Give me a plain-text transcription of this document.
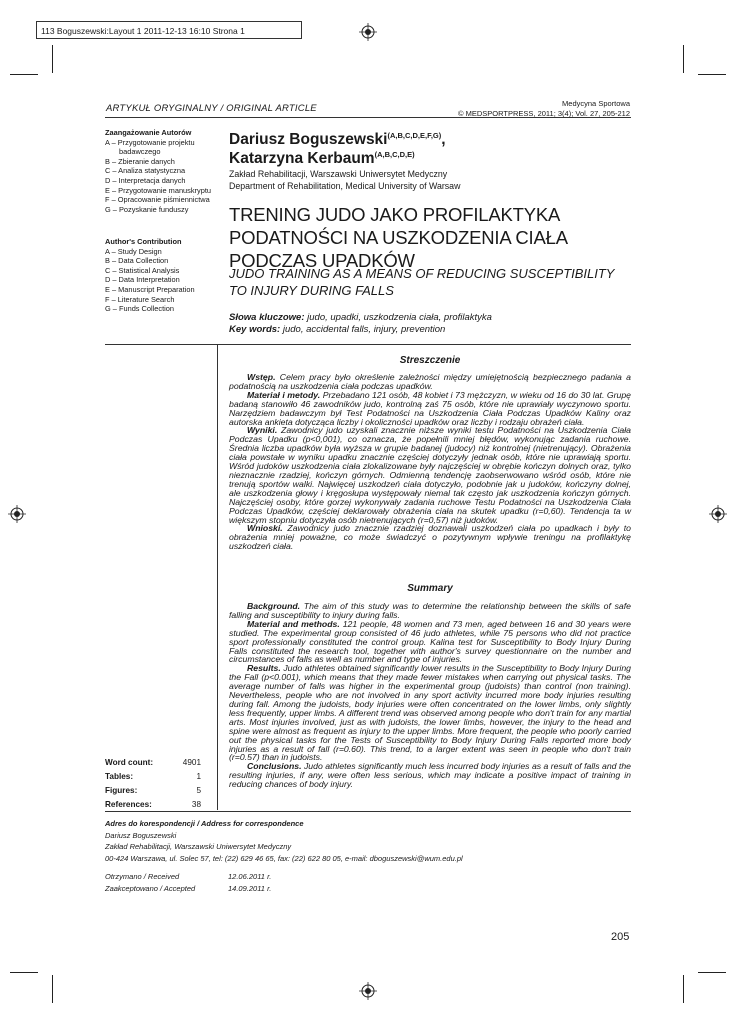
113 Boguszewski:Layout 1 2011-12-13 16:10 Strona 1
ARTYKUŁ ORYGINALNY / ORIGINAL ARTICLE	Medycyna Sportowa
© MEDSPORTPRESS, 2011; 3(4); Vol. 27, 205-212
Zaangażowanie Autorów
A – Przygotowanie projektu
badawczego
B – Zbieranie danych
C – Analiza statystyczna
D – Interpretacja danych
E – Przygotowanie manuskryptu
F – Opracowanie piśmiennictwa
G – Pozyskanie funduszy
Author's Contribution
A – Study Design
B – Data Collection
C – Statistical Analysis
D – Data Interpretation
E – Manuscript Preparation
F – Literature Search
G – Funds Collection
Dariusz Boguszewski$^{(A,B,C,D,E,F,G)}$,
Katarzyna Kerbaum$^{(A,B,C,D,E)}$
Zakład Rehabilitacji, Warszawski Uniwersytet Medyczny
Department of Rehabilitation, Medical University of Warsaw
TRENING JUDO JAKO PROFILAKTYKA
PODATNOŚCI NA USZKODZENIA CIAŁA
PODCZAS UPADKÓW
JUDO TRAINING AS A MEANS OF REDUCING SUSCEPTIBILITY
TO INJURY DURING FALLS
Słowa kluczowe: judo, upadki, uszkodzenia ciała, profilaktyka
Key words: judo, accidental falls, injury, prevention
Streszczenie

Wstęp. Celem pracy było określenie zależności między umiejętnością bezpiecznego padania a podatnością na uszkodzenia ciała podczas upadków.

Materiał i metody. Przebadano 121 osób, 48 kobiet i 73 mężczyzn, w wieku od 16 do 30 lat. Grupę badaną stanowiło 46 zawodników judo, kontrolną zaś 75 osób, które nie uprawiały wyczynowo sportu. Narzędziem badawczym był Test Podatności na Uszkodzenia Ciała Podczas Upadków Kaliny oraz autorska ankieta dotycząca liczby i okoliczności upadków oraz liczby i rodzaju obrażeń ciała.

Wyniki. Zawodnicy judo uzyskali znacznie niższe wyniki testu Podatności na Uszkodzenia Ciała Podczas Upadku (p<0,001), co oznacza, że popełnili mniej błędów, wykonując zadania ruchowe. Średnia liczba upadków była wyższa w grupie badanej (judocy) niż kontrolnej (nietrenujący). Obrażenia ciała powstałe w wyniku upadku znacznie częściej dotyczyły jednak osób, które nie uprawiają sportu. Wśród judoków uszkodzenia ciała zlokalizowane były najczęściej w obrębie kończyn dolnych oraz, tylko nieznacznie rzadziej, kończyn górnych. Odmienną tendencję zaobserwowano wśród osób, które nie trenują sportów walki. Najwięcej uszkodzeń ciała dotyczyło, podobnie jak u judoków, kończyny dolnej, ale uszkodzenia głowy i kręgosłupa występowały niemal tak często jak uszkodzenia kończyn górnych. Najczęściej osoby, które gorzej wykonywały zadania ruchowe Testu Podatności na Uszkodzenia Ciała Podczas Upadków, częściej deklarowały obrażenia ciała na skutek upadku (r=0,60). Tendencja ta w większym stopniu dotyczyła osób nietrenujących (r=0,57) niż judoków.

Wnioski. Zawodnicy judo znacznie rzadziej doznawali uszkodzeń ciała po upadkach i były to obrażenia mniej poważne, co może świadczyć o pozytywnym wpływie treningu na profilaktykę uszkodzeń ciała.

Summary

Background. The aim of this study was to determine the relationship between the skills of safe falling and susceptibility to injury during falls.

Material and methods. 121 people, 48 women and 73 men, aged between 16 and 30 years were studied. The experimental group consisted of 46 judo athletes, while 75 persons who did not practice sport professionally constituted the control group. Kalina test for Susceptibility to Body Injury During Falls constituted the research tool, together with author's survey questionnaire on the number and circumstances of falls as well as number and type of injuries.

Results. Judo athletes obtained significantly lower results in the Susceptibility to Body Injury During the Fall (p<0.001), which means that they made fewer mistakes when carrying out physical tasks. The average number of falls was higher in the experimental group (judoists) than control (non training). Nevertheless, people who are not involved in any sport activity incurred more body injuries resulting during fall. Among the judoists, body injuries were often concentrated on the lower limbs, only slightly less frequently, upper limbs. A different trend was observed among people who don't train for any martial arts. Most injuries involved, just as with judoists, the lower limbs, however, the injury to the head and spine were almost as frequent as injury to the upper limbs. More frequent, the people who poorly carried out the physical tasks for the Tests of Susceptibility to Body Injury During Falls reported more body injuries as a result of fall (r=0.60). This trend, to a larger extent was seen in people who don't train (r=0.57) than in judoists.

Conclusions. Judo athletes significantly much less incurred body injuries as a result of falls and the resulting injuries, if any, were often less serious, which may indicate a positive impact of training in reducing chances of body injury.

Word count:	4901
Tables:	1
Figures:	5
References:	38
Adres do korespondencji / Address for correspondence
Dariusz Boguszewski
Zakład Rehabilitacji, Warszawski Uniwersytet Medyczny
00-424 Warszawa, ul. Solec 57, tel: (22) 629 46 65, fax: (22) 622 80 05, e-mail: dboguszewski@wum.edu.pl
Otrzymano / Received	12.06.2011 r.
Zaakceptowano / Accepted	14.09.2011 r.
205
